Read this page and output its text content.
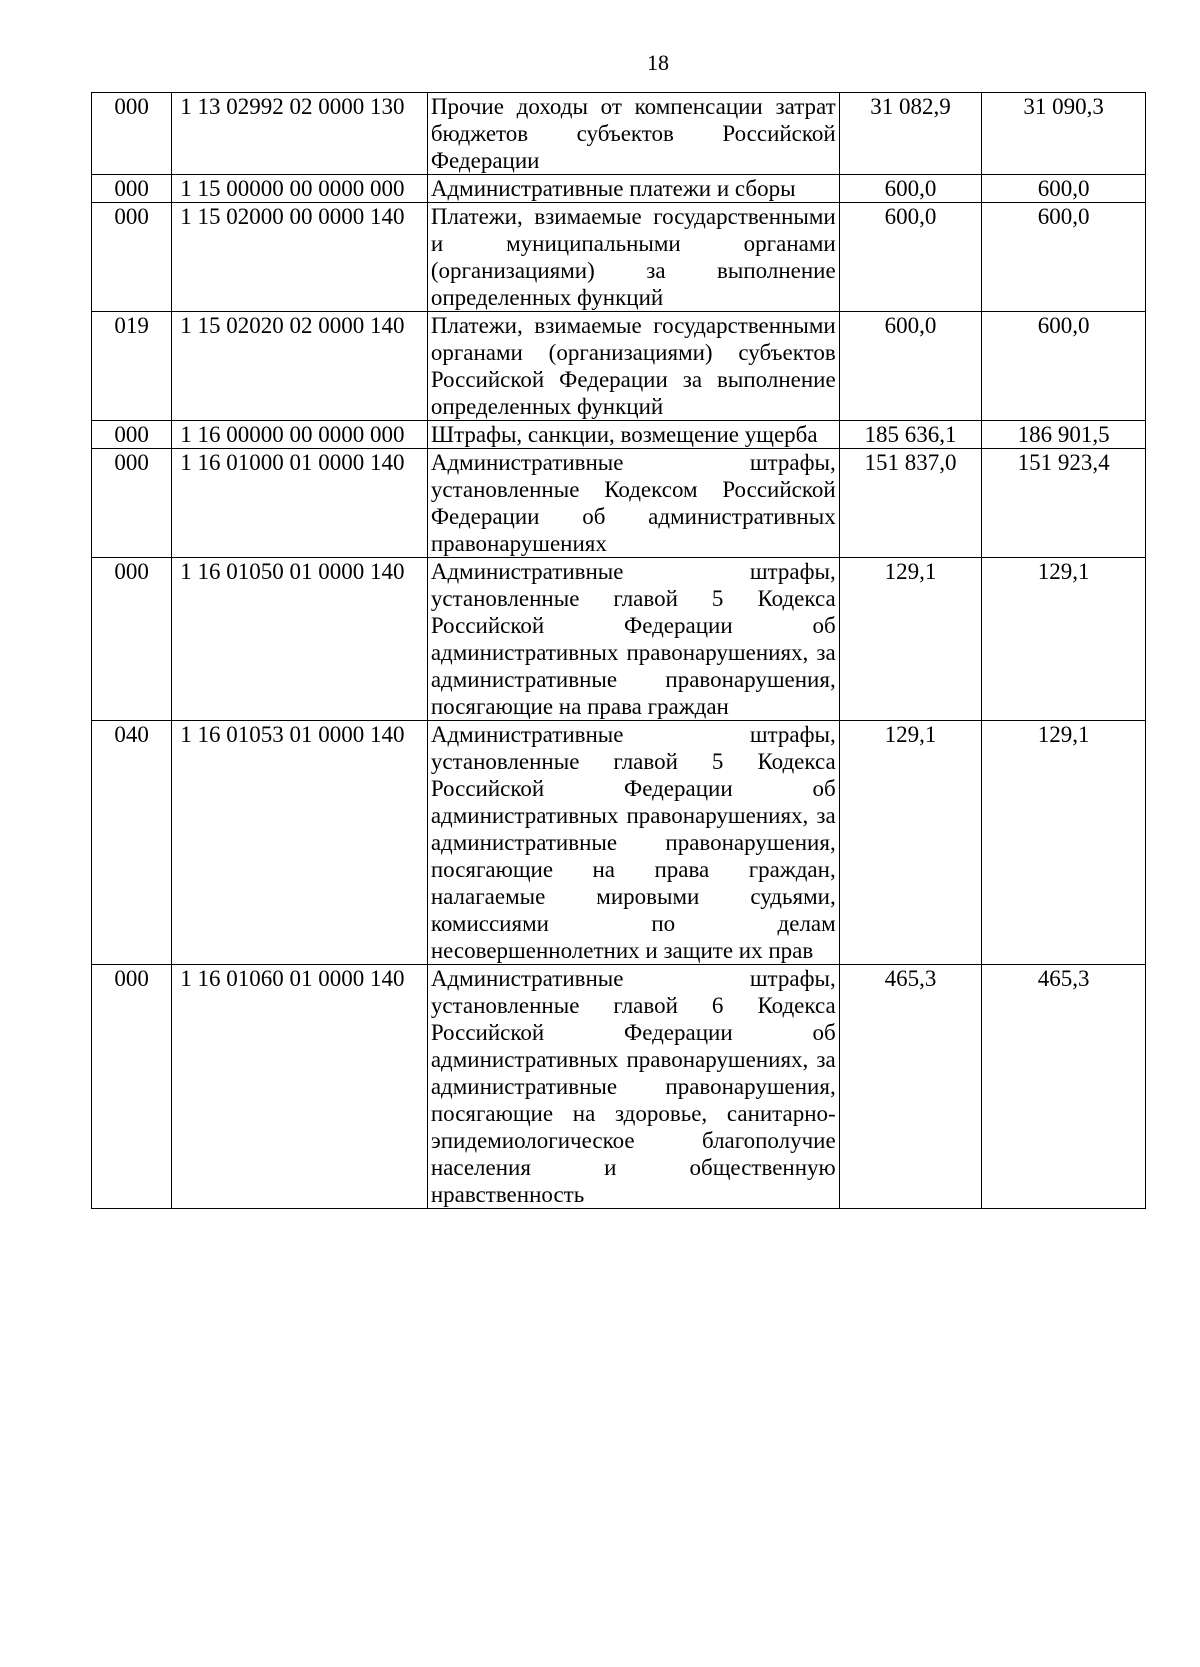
18
000	1 13 02992 02 0000 130	Прочие доходы от компенсации затрат бюджетов субъектов Российской Федерации	31 082,9	31 090,3
000	1 15 00000 00 0000 000	Административные платежи и сборы	600,0	600,0
000	1 15 02000 00 0000 140	Платежи, взимаемые государственными и муниципальными органами (организациями) за выполнение определенных функций	600,0	600,0
019	1 15 02020 02 0000 140	Платежи, взимаемые государственными органами (организациями) субъектов Российской Федерации за выполнение определенных функций	600,0	600,0
000	1 16 00000 00 0000 000	Штрафы, санкции, возмещение ущерба	185 636,1	186 901,5
000	1 16 01000 01 0000 140	Административные штрафы, установленные Кодексом Российской Федерации об административных правонарушениях	151 837,0	151 923,4
000	1 16 01050 01 0000 140	Административные штрафы, установленные главой 5 Кодекса Российской Федерации об административных правонарушениях, за административные правонарушения, посягающие на права граждан	129,1	129,1
040	1 16 01053 01 0000 140	Административные штрафы, установленные главой 5 Кодекса Российской Федерации об административных правонарушениях, за административные правонарушения, посягающие на права граждан, налагаемые мировыми судьями, комиссиями по делам несовершеннолетних и защите их прав	129,1	129,1
000	1 16 01060 01 0000 140	Административные штрафы, установленные главой 6 Кодекса Российской Федерации об административных правонарушениях, за административные правонарушения, посягающие на здоровье, санитарно-эпидемиологическое благополучие населения и общественную нравственность	465,3	465,3
